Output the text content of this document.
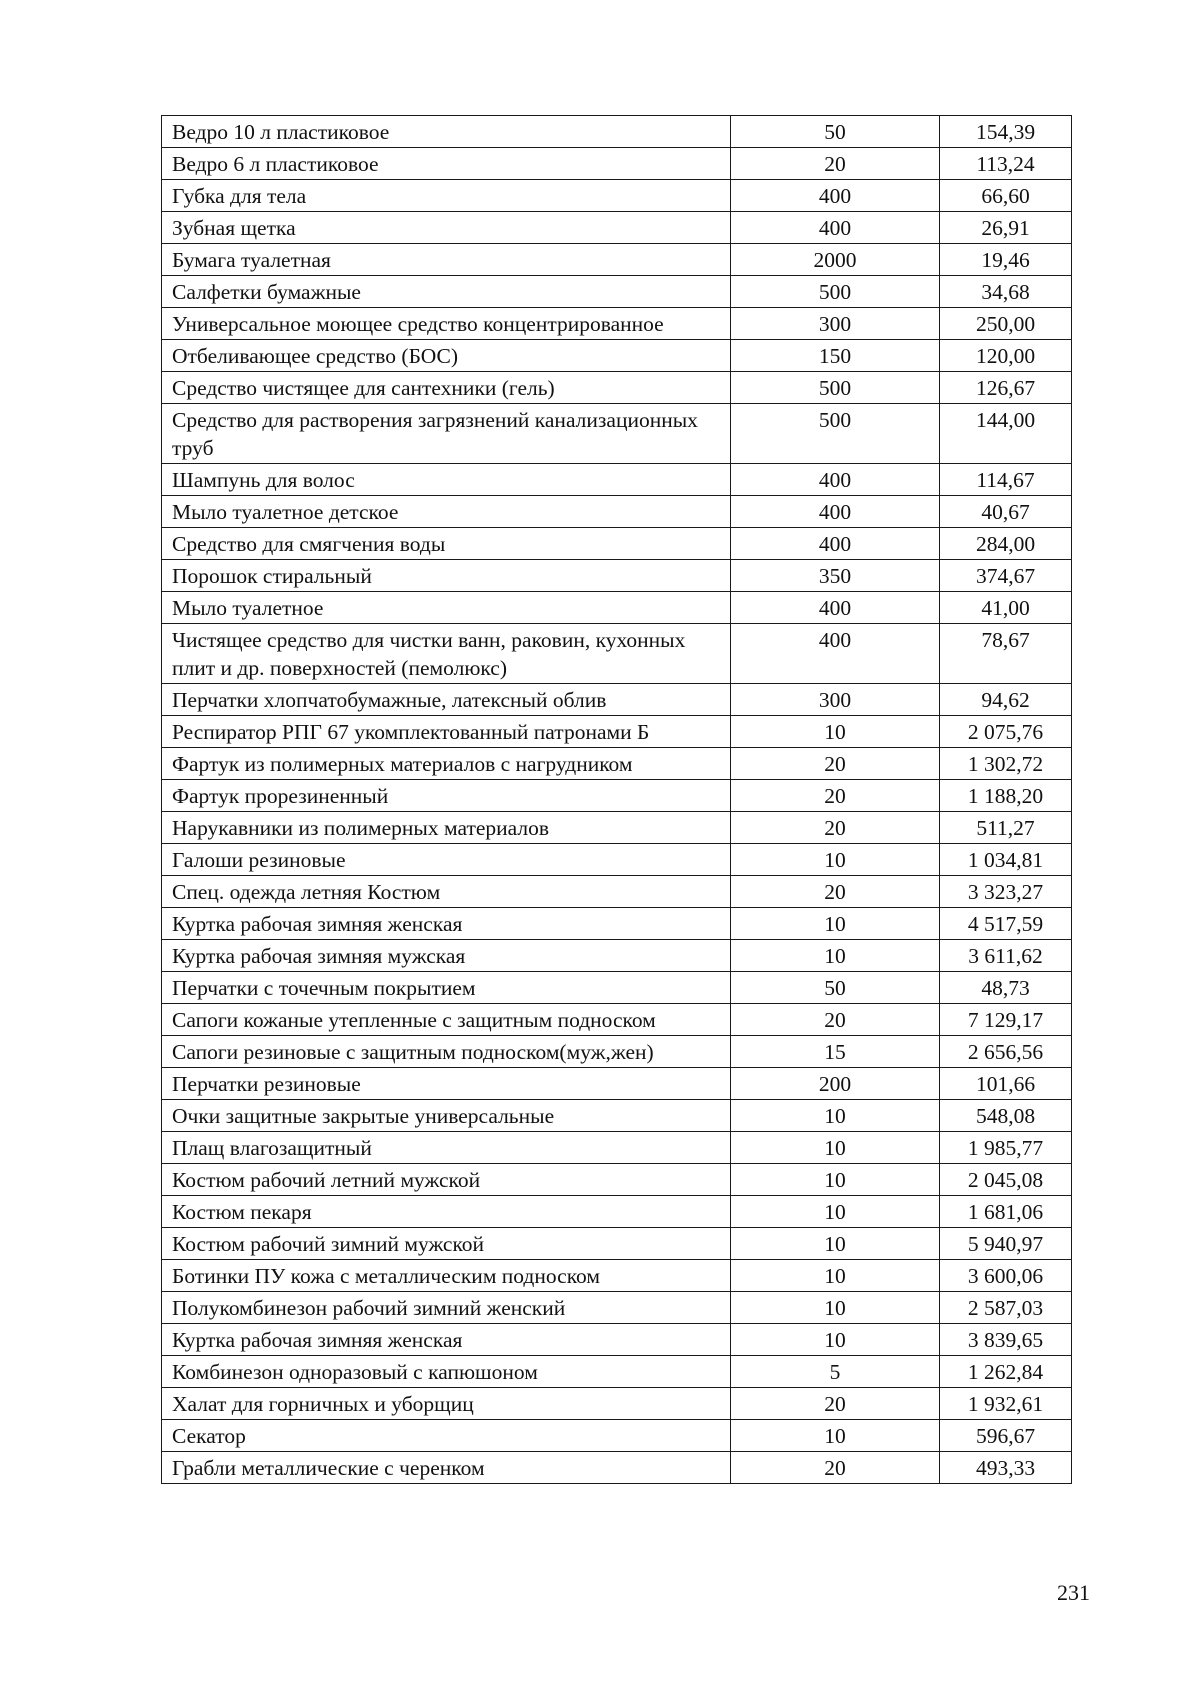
Ведро 10 л пластиковое	50	154,39
Ведро 6 л пластиковое	20	113,24
Губка для тела	400	66,60
Зубная щетка	400	26,91
Бумага туалетная	2000	19,46
Салфетки бумажные	500	34,68
Универсальное моющее средство концентрированное	300	250,00
Отбеливающее средство (БОС)	150	120,00
Средство чистящее для сантехники (гель)	500	126,67
Средство для растворения загрязнений канализационных труб	500	144,00
Шампунь для волос	400	114,67
Мыло туалетное детское	400	40,67
Средство для смягчения воды	400	284,00
Порошок стиральный	350	374,67
Мыло туалетное	400	41,00
Чистящее средство для чистки ванн, раковин, кухонных плит и др. поверхностей (пемолюкс)	400	78,67
Перчатки хлопчатобумажные, латексный облив	300	94,62
Респиратор РПГ 67 укомплектованный патронами Б	10	2 075,76
Фартук из полимерных материалов с нагрудником	20	1 302,72
Фартук прорезиненный	20	1 188,20
Нарукавники из полимерных материалов	20	511,27
Галоши резиновые	10	1 034,81
Спец. одежда летняя Костюм	20	3 323,27
Куртка рабочая зимняя женская	10	4 517,59
Куртка рабочая зимняя мужская	10	3 611,62
Перчатки с точечным покрытием	50	48,73
Сапоги кожаные утепленные с защитным подноском	20	7 129,17
Сапоги резиновые с защитным подноском(муж,жен)	15	2 656,56
Перчатки резиновые	200	101,66
Очки защитные закрытые универсальные	10	548,08
Плащ влагозащитный	10	1 985,77
Костюм рабочий летний мужской	10	2 045,08
Костюм пекаря	10	1 681,06
Костюм рабочий зимний мужской	10	5 940,97
Ботинки ПУ кожа с металлическим подноском	10	3 600,06
Полукомбинезон рабочий зимний женский	10	2 587,03
Куртка рабочая зимняя женская	10	3 839,65
Комбинезон одноразовый с капюшоном	5	1 262,84
Халат для горничных и уборщиц	20	1 932,61
Секатор	10	596,67
Грабли металлические с черенком	20	493,33
231
